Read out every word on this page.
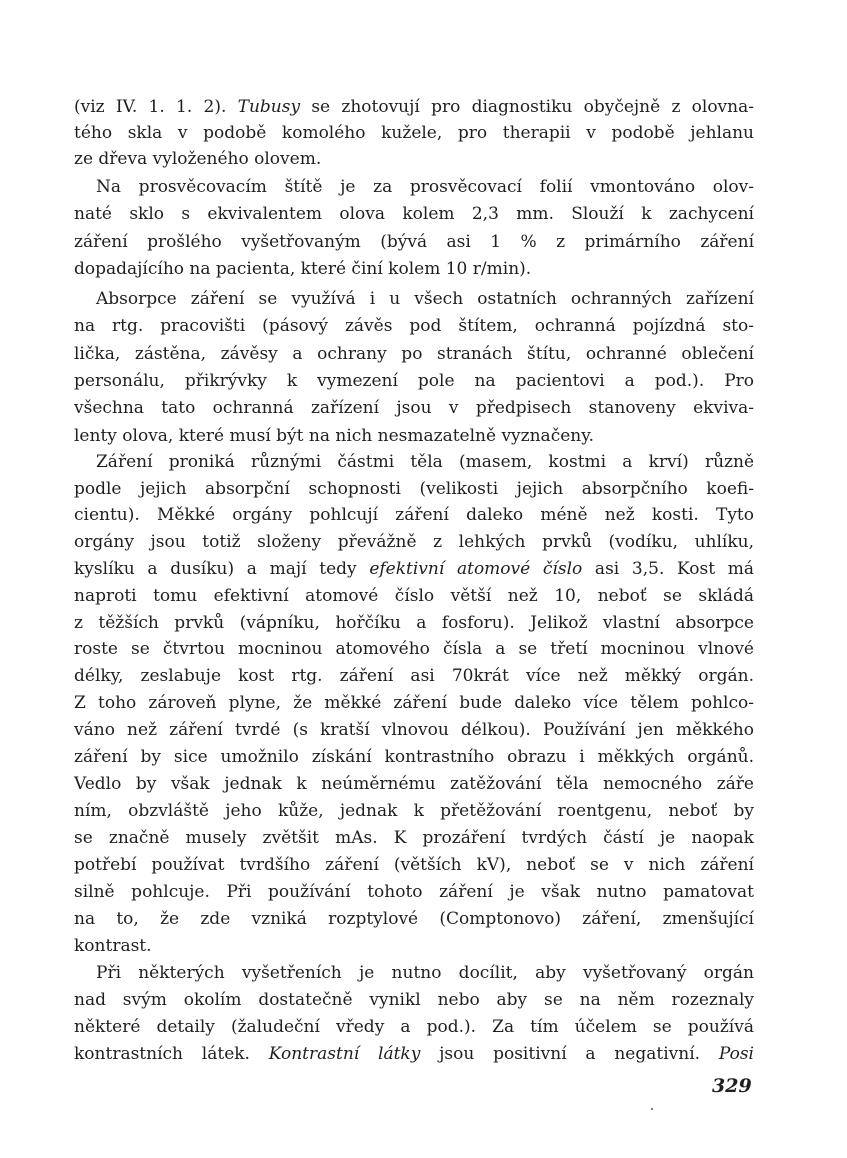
(viz IV. 1. 1. 2). Tubusy se zhotovují pro diagnostiku obyčejně z olovna-
tého skla v podobě komolého kužele, pro therapii v podobě jehlanu
ze dřeva vyloženého olovem.
Na prosvěcovacím štítě je za prosvěcovací folií vmontováno olov-
naté sklo s ekvivalentem olova kolem 2,3 mm. Slouží k zachycení
záření prošlého vyšetřovaným (bývá asi 1 % z primárního záření
dopadajícího na pacienta, které činí kolem 10 r/min).
Absorpce záření se využívá i u všech ostatních ochranných zařízení
na rtg. pracovišti (pásový závěs pod štítem, ochranná pojízdná sto-
lička, zástěna, závěsy a ochrany po stranách štítu, ochranné oblečení
personálu, přikrývky k vymezení pole na pacientovi a pod.). Pro
všechna tato ochranná zařízení jsou v předpisech stanoveny ekviva-
lenty olova, které musí být na nich nesmazatelně vyznačeny.
Záření proniká různými částmi těla (masem, kostmi a krví) různě
podle jejich absorpční schopnosti (velikosti jejich absorpčního koefi-
cientu). Měkké orgány pohlcují záření daleko méně než kosti. Tyto
orgány jsou totiž složeny převážně z lehkých prvků (vodíku, uhlíku,
kyslíku a dusíku) a mají tedy efektivní atomové číslo asi 3,5. Kost má
naproti tomu efektivní atomové číslo větší než 10, neboť se skládá
z těžších prvků (vápníku, hořčíku a fosforu). Jelikož vlastní absorpce
roste se čtvrtou mocninou atomového čísla a se třetí mocninou vlnové
délky, zeslabuje kost rtg. záření asi 70krát více než měkký orgán.
Z toho zároveň plyne, že měkké záření bude daleko více tělem pohlco-
váno než záření tvrdé (s kratší vlnovou délkou). Používání jen měkkého
záření by sice umožnilo získání kontrastního obrazu i měkkých orgánů.
Vedlo by však jednak k neúměrnému zatěžování těla nemocného záře
ním, obzvláště jeho kůže, jednak k přetěžování roentgenu, neboť by
se značně musely zvětšit mAs. K prozáření tvrdých částí je naopak
potřebí používat tvrdšího záření (větších kV), neboť se v nich záření
silně pohlcuje. Při používání tohoto záření je však nutno pamatovat
na to, že zde vzniká rozptylové (Comptonovo) záření, zmenšující
kontrast.
Při některých vyšetřeních je nutno docílit, aby vyšetřovaný orgán
nad svým okolím dostatečně vynikl nebo aby se na něm rozeznaly
některé detaily (žaludeční vředy a pod.). Za tím účelem se používá
kontrastních látek. Kontrastní látky jsou positivní a negativní. Posi
329
